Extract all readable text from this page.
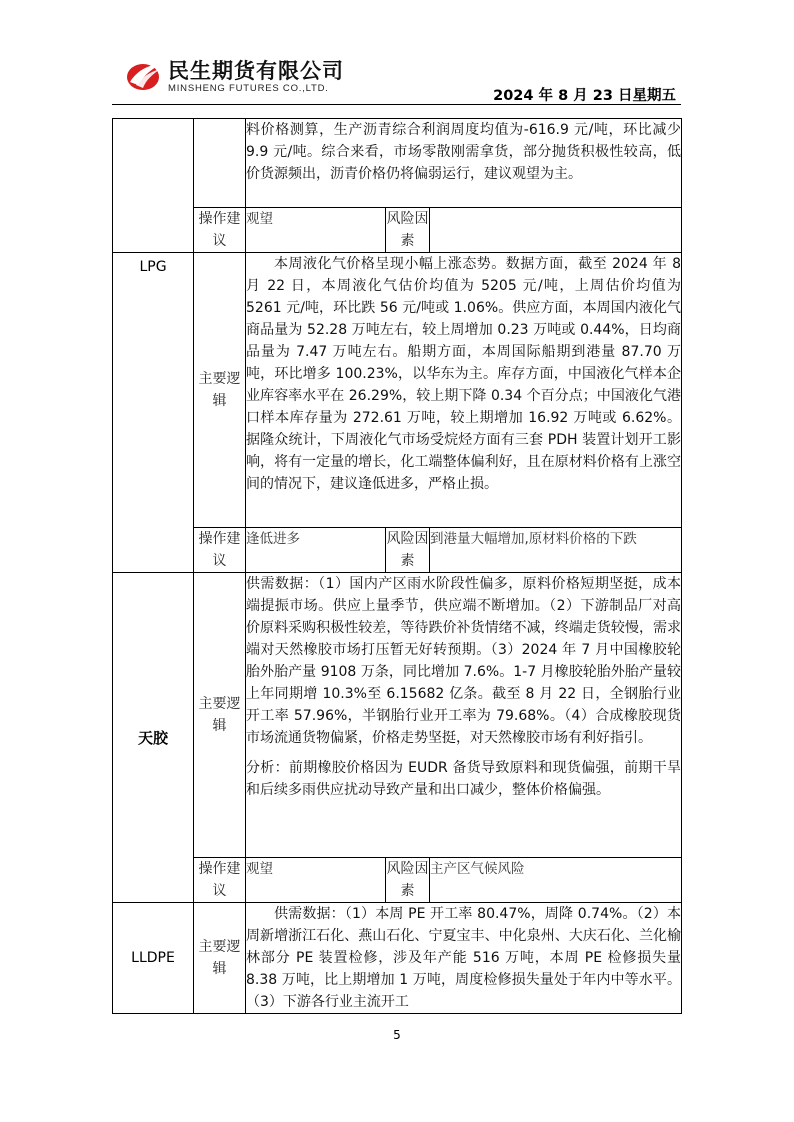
民生期货有限公司
MINSHENG FUTURES CO.,LTD.	2024 年 8 月 23 日星期五

		料价格测算，生产沥青综合利润周度均值为-616.9 元/吨，环比减少 9.9 元/吨。综合来看，市场零散刚需拿货，部分抛货积极性较高，低价货源频出，沥青价格仍将偏弱运行，建议观望为主。		

	操作建议	观望	风险因素	
LPG	主要逻辑	本周液化气价格呈现小幅上涨态势。数据方面，截至 2024 年 8 月 22 日，本周液化气估价均值为 5205 元/吨，上周估价均值为 5261 元/吨，环比跌 56 元/吨或 1.06%。供应方面，本周国内液化气商品量为 52.28 万吨左右，较上周增加 0.23 万吨或 0.44%，日均商品量为 7.47 万吨左右。船期方面，本周国际船期到港量 87.70 万吨，环比增多 100.23%，以华东为主。库存方面，中国液化气样本企业库容率水平在 26.29%，较上期下降 0.34 个百分点；中国液化气港口样本库存量为 272.61 万吨，较上期增加 16.92 万吨或 6.62%。据隆众统计，下周液化气市场受烷烃方面有三套 PDH 装置计划开工影响，将有一定量的增长，化工端整体偏利好，且在原材料价格有上涨空间的情况下，建议逢低进多，严格止损。		

	操作建议	逢低进多	风险因素	到港量大幅增加,原材料价格的下跌
天胶	主要逻辑	供需数据：（1）国内产区雨水阶段性偏多，原料价格短期坚挺，成本端提振市场。供应上量季节，供应端不断增加。（2）下游制品厂对高价原料采购积极性较差，等待跌价补货情绪不减，终端走货较慢，需求端对天然橡胶市场打压暂无好转预期。（3）2024 年 7 月中国橡胶轮胎外胎产量 9108 万条，同比增加 7.6%。1-7 月橡胶轮胎外胎产量较上年同期增 10.3%至 6.15682 亿条。截至 8 月 22 日，全钢胎行业开工率 57.96%，半钢胎行业开工率为 79.68%。（4）合成橡胶现货市场流通货物偏紧，价格走势坚挺，对天然橡胶市场有利好指引。

分析：前期橡胶价格因为 EUDR 备货导致原料和现货偏强，前期干旱和后续多雨供应扰动导致产量和出口减少，整体价格偏强。		

	操作建议	观望	风险因素	主产区气候风险
LLDPE	主要逻辑	供需数据：（1）本周 PE 开工率 80.47%，周降 0.74%。（2）本周新增浙江石化、燕山石化、宁夏宝丰、中化泉州、大庆石化、兰化榆林部分 PE 装置检修，涉及年产能 516 万吨，本周 PE 检修损失量 8.38 万吨，比上期增加 1 万吨，周度检修损失量处于年内中等水平。（3）下游各行业主流开工		

5
